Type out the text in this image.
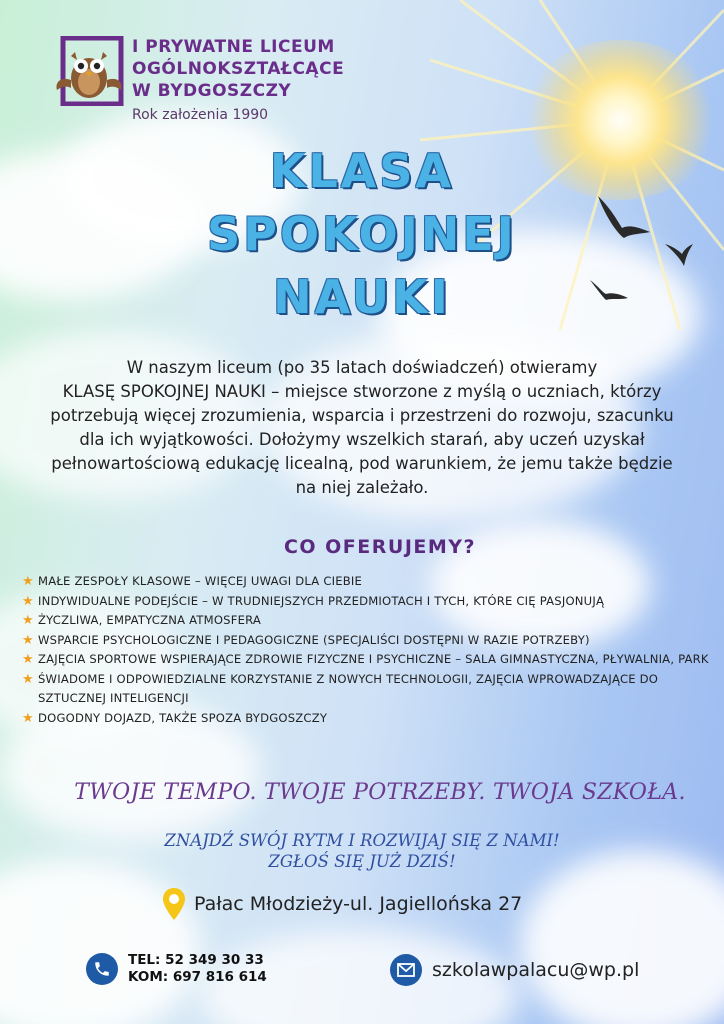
I PRYWATNE LICEUM
OGÓLNOKSZTAŁCĄCE
W BYDGOSZCZY
Rok założenia 1990
KLASA
SPOKOJNEJ
NAUKI
W naszym liceum (po 35 latach doświadczeń) otwieramy
KLASĘ SPOKOJNEJ NAUKI – miejsce stworzone z myślą o uczniach, którzy
potrzebują więcej zrozumienia, wsparcia i przestrzeni do rozwoju, szacunku
dla ich wyjątkowości. Dołożymy wszelkich starań, aby uczeń uzyskał
pełnowartościową edukację licealną, pod warunkiem, że jemu także będzie
na niej zależało.
CO OFERUJEMY?
★ MAŁE ZESPOŁY KLASOWE – WIĘCEJ UWAGI DLA CIEBIE
★ INDYWIDUALNE PODEJŚCIE – W TRUDNIEJSZYCH PRZEDMIOTACH I TYCH, KTÓRE CIĘ PASJONUJĄ
★ ŻYCZLIWA, EMPATYCZNA ATMOSFERA
★ WSPARCIE PSYCHOLOGICZNE I PEDAGOGICZNE (SPECJALIŚCI DOSTĘPNI W RAZIE POTRZEBY)
★ ZAJĘCIA SPORTOWE WSPIERAJĄCE ZDROWIE FIZYCZNE I PSYCHICZNE – SALA GIMNASTYCZNA, PŁYWALNIA, PARK
★ ŚWIADOME I ODPOWIEDZIALNE KORZYSTANIE Z NOWYCH TECHNOLOGII, ZAJĘCIA WPROWADZAJĄCE DO SZTUCZNEJ INTELIGENCJI
★ DOGODNY DOJAZD, TAKŻE SPOZA BYDGOSZCZY
TWOJE TEMPO. TWOJE POTRZEBY. TWOJA SZKOŁA.
ZNAJDŹ SWÓJ RYTM I ROZWIJAJ SIĘ Z NAMI!
ZGŁOŚ SIĘ JUŻ DZIŚ!
Pałac Młodzieży-ul. Jagiellońska 27
TEL: 52 349 30 33
KOM: 697 816 614	szkolawpalacu@wp.pl
